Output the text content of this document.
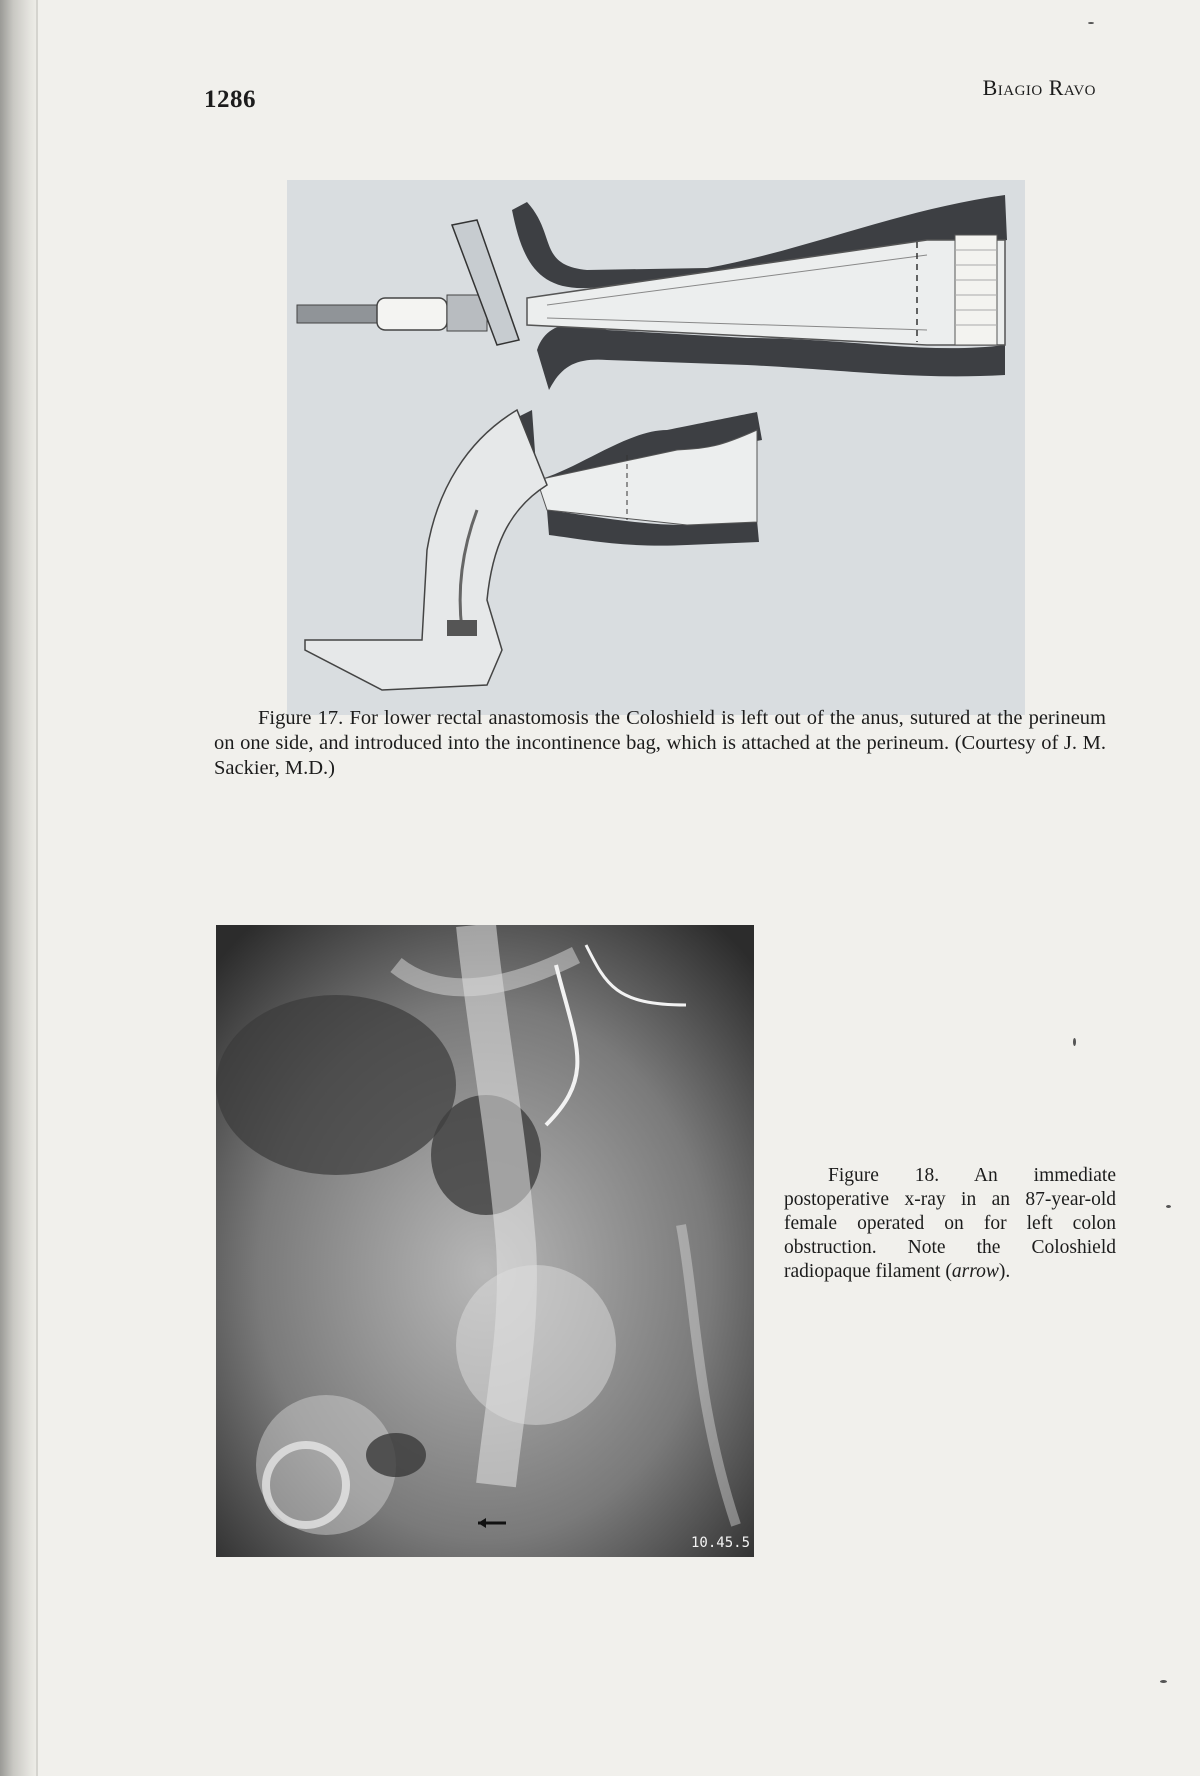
1286	Biagio Ravo
Figure 17. For lower rectal anastomosis the Coloshield is left out of the anus, sutured at the perineum on one side, and introduced into the incontinence bag, which is attached at the perineum. (Courtesy of J. M. Sackier, M.D.)
10.45.5
Figure 18. An immediate postoperative x-ray in an 87-year-old female operated on for left colon obstruction. Note the Coloshield radiopaque filament (arrow).
